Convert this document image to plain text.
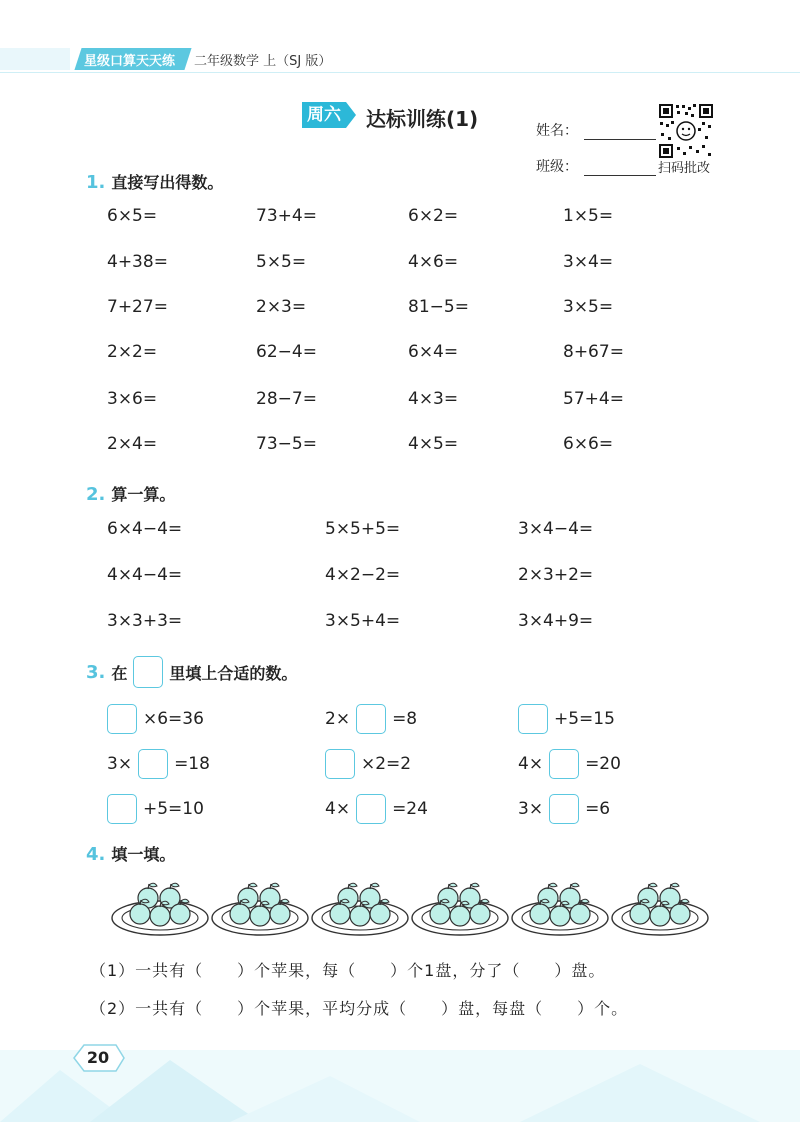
星级口算天天练 二年级数学 上（SJ 版）
周六 达标训练(1)	姓名：
班级：	扫码批改
1. 直接写出得数。
6×5=	73+4=	6×2=	1×5=
4+38=	5×5=	4×6=	3×4=
7+27=	2×3=	81−5=	3×5=
2×2=	62−4=	6×4=	8+67=
3×6=	28−7=	4×3=	57+4=
2×4=	73−5=	4×5=	6×6=
2. 算一算。
6×4−4=	5×5+5=	3×4−4=
4×4−4=	4×2−2=	2×3+2=
3×3+3=	3×5+4=	3×4+9=
3. 在	里填上合适的数。
×6=36	2× =8	+5=15
3× =18	×2=2	4× =20
+5=10	4× =24	3× =6
4. 填一填。
（1）一共有（　　）个苹果，每（　　）个1盘，分了（　　）盘。
（2）一共有（　　）个苹果，平均分成（　　）盘，每盘（　　）个。
20
